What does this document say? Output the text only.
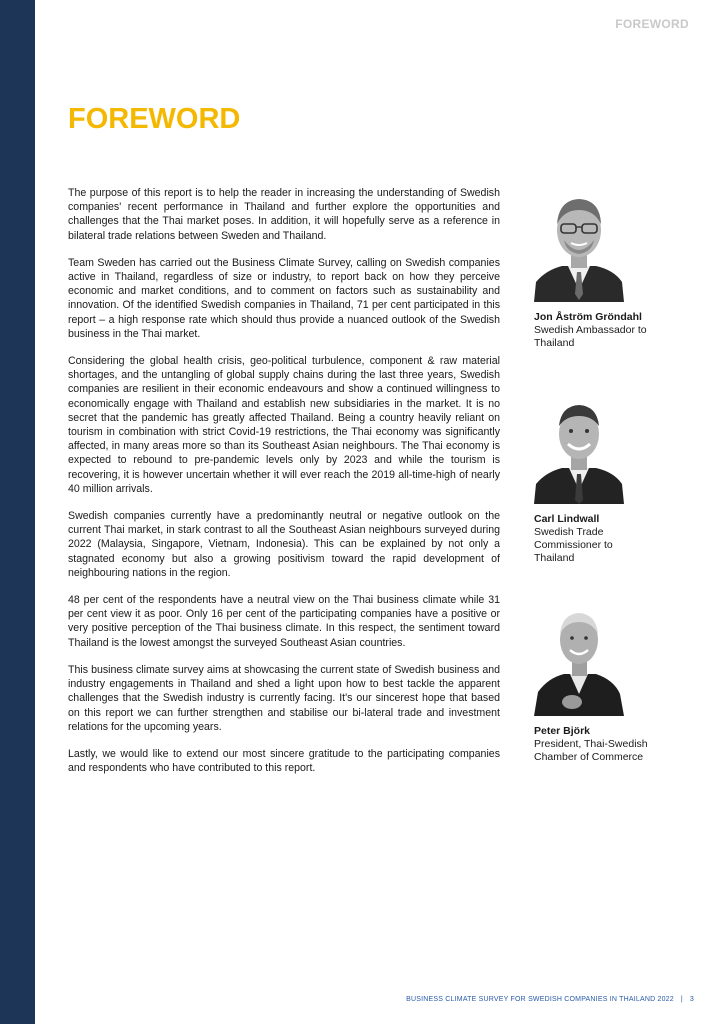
FOREWORD
FOREWORD

The purpose of this report is to help the reader in increasing the understanding of Swedish companies' recent performance in Thailand and further explore the opportunities and challenges that the Thai market poses. In addition, it will hopefully serve as a reference in bilateral trade relations between Sweden and Thailand.

Team Sweden has carried out the Business Climate Survey, calling on Swedish companies active in Thailand, regardless of size or industry, to report back on how they perceive economic and market conditions, and to comment on factors such as sustainability and innovation. Of the identified Swedish companies in Thailand, 71 per cent participated in this report – a high response rate which should thus provide a nuanced outlook of the Swedish business in the Thai market.

Considering the global health crisis, geo-political turbulence, component & raw material shortages, and the untangling of global supply chains during the last three years, Swedish companies are resilient in their economic endeavours and show a continued willingness to economically engage with Thailand and establish new subsidiaries in the market. It is no secret that the pandemic has greatly affected Thailand. Being a country heavily reliant on tourism in combination with strict Covid-19 restrictions, the Thai economy was significantly affected, in many areas more so than its Southeast Asian neighbours. The Thai economy is expected to rebound to pre-pandemic levels only by 2023 and while the tourism is recovering, it is however uncertain whether it will ever reach the 2019 all-time-high of nearly 40 million arrivals.

Swedish companies currently have a predominantly neutral or negative outlook on the current Thai market, in stark contrast to all the Southeast Asian neighbours surveyed during 2022 (Malaysia, Singapore, Vietnam, Indonesia). This can be explained by not only a stagnated economy but also a growing positivism toward the rapid development of neighbouring nations in the region.

48 per cent of the respondents have a neutral view on the Thai business climate while 31 per cent view it as poor. Only 16 per cent of the participating companies have a positive or very positive perception of the Thai business climate. In this respect, the sentiment toward Thailand is the lowest amongst the surveyed Southeast Asian countries.

This business climate survey aims at showcasing the current state of Swedish business and industry engagements in Thailand and shed a light upon how to best tackle the apparent challenges that the Swedish industry is currently facing. It's our sincerest hope that based on this report we can further strengthen and stabilise our bi-lateral trade and investment relations for the upcoming years.

Lastly, we would like to extend our most sincere gratitude to the participating companies and respondents who have contributed to this report.

Jon Åström Gröndahl
Swedish Ambassador to Thailand
Carl Lindwall
Swedish Trade Commissioner to Thailand
Peter Björk
President, Thai-Swedish Chamber of Commerce
BUSINESS CLIMATE SURVEY FOR SWEDISH COMPANIES IN THAILAND 2022 | 3
